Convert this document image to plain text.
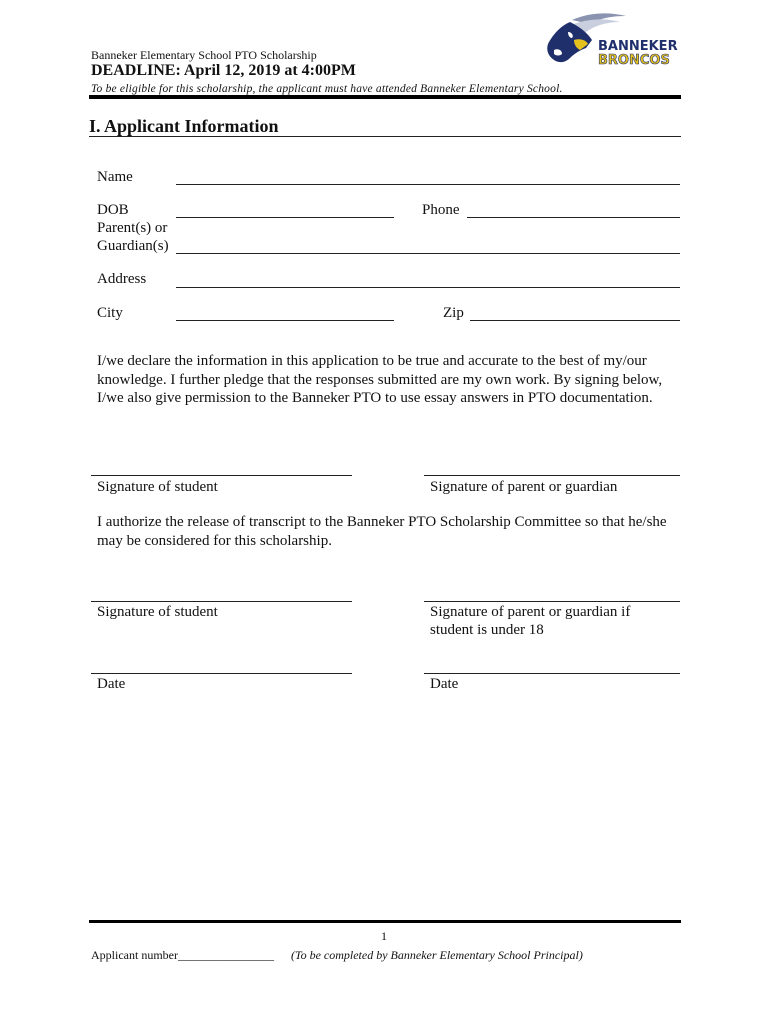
Banneker Elementary School PTO Scholarship
DEADLINE: April 12, 2019 at 4:00PM
To be eligible for this scholarship, the applicant must have attended Banneker Elementary School.
BANNEKER
BRONCOS
I. Applicant Information
Name
DOB	Phone
Parent(s) or
Guardian(s)
Address
City	Zip

I/we declare the information in this application to be true and accurate to the best of my/our knowledge. I further pledge that the responses submitted are my own work. By signing below, I/we also give permission to the Banneker PTO to use essay answers in PTO documentation.

Signature of student	Signature of parent or guardian

I authorize the release of transcript to the Banneker PTO Scholarship Committee so that he/she may be considered for this scholarship.

Signature of student	Signature of parent or guardian if
student is under 18
Date	Date
1
Applicant number________________ (To be completed by Banneker Elementary School Principal)
